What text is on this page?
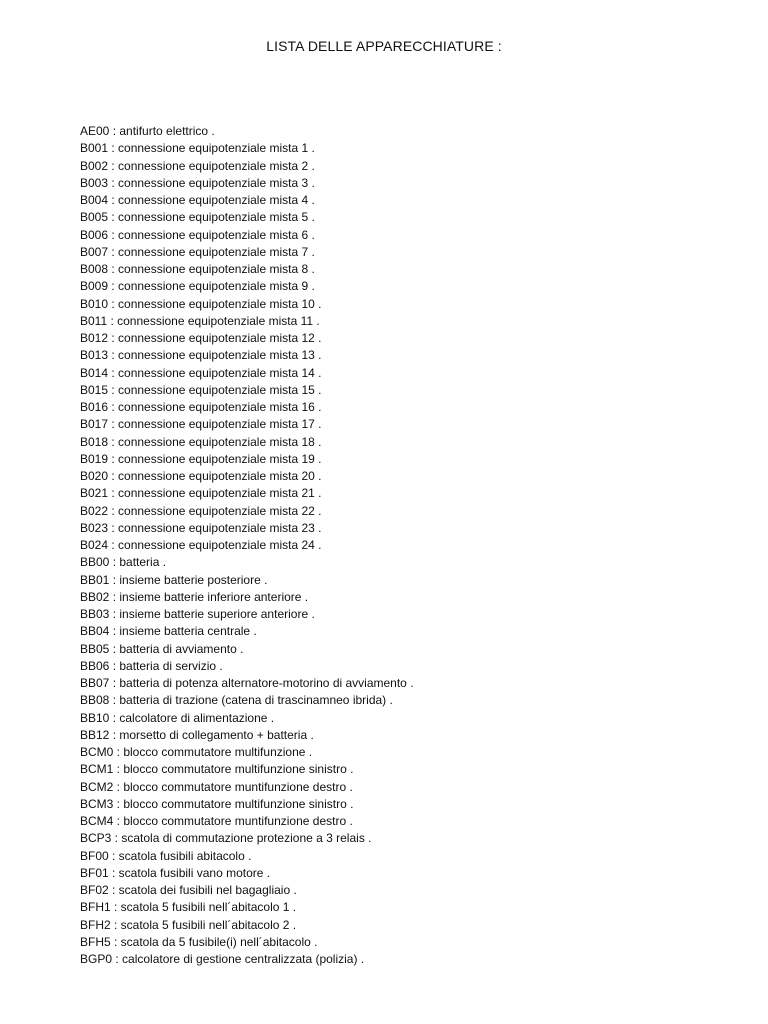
LISTA DELLE APPARECCHIATURE :
AE00 : antifurto elettrico .
B001 : connessione equipotenziale mista 1 .
B002 : connessione equipotenziale mista 2 .
B003 : connessione equipotenziale mista 3 .
B004 : connessione equipotenziale mista 4 .
B005 : connessione equipotenziale mista 5 .
B006 : connessione equipotenziale mista 6 .
B007 : connessione equipotenziale mista 7 .
B008 : connessione equipotenziale mista 8 .
B009 : connessione equipotenziale mista 9 .
B010 : connessione equipotenziale mista 10 .
B011 : connessione equipotenziale mista 11 .
B012 : connessione equipotenziale mista 12 .
B013 : connessione equipotenziale mista 13 .
B014 : connessione equipotenziale mista 14 .
B015 : connessione equipotenziale mista 15 .
B016 : connessione equipotenziale mista 16 .
B017 : connessione equipotenziale mista 17 .
B018 : connessione equipotenziale mista 18 .
B019 : connessione equipotenziale mista 19 .
B020 : connessione equipotenziale mista 20 .
B021 : connessione equipotenziale mista 21 .
B022 : connessione equipotenziale mista 22 .
B023 : connessione equipotenziale mista 23 .
B024 : connessione equipotenziale mista 24 .
BB00 : batteria .
BB01 : insieme batterie posteriore .
BB02 : insieme batterie inferiore anteriore .
BB03 : insieme batterie superiore anteriore .
BB04 : insieme batteria centrale .
BB05 : batteria di avviamento .
BB06 : batteria di servizio .
BB07 : batteria di potenza alternatore-motorino di avviamento .
BB08 : batteria di trazione (catena di trascinamneo ibrida) .
BB10 : calcolatore di alimentazione .
BB12 : morsetto di collegamento + batteria .
BCM0 : blocco commutatore multifunzione .
BCM1 : blocco commutatore multifunzione sinistro .
BCM2 : blocco commutatore muntifunzione destro .
BCM3 : blocco commutatore multifunzione sinistro .
BCM4 : blocco commutatore muntifunzione destro .
BCP3 : scatola di commutazione protezione a 3 relais .
BF00 : scatola fusibili abitacolo .
BF01 : scatola fusibili vano motore .
BF02 : scatola dei fusibili nel bagagliaio .
BFH1 : scatola 5 fusibili nell´abitacolo 1 .
BFH2 : scatola 5 fusibili nell´abitacolo 2 .
BFH5 : scatola da 5 fusibile(i) nell´abitacolo .
BGP0 : calcolatore di gestione centralizzata (polizia) .
